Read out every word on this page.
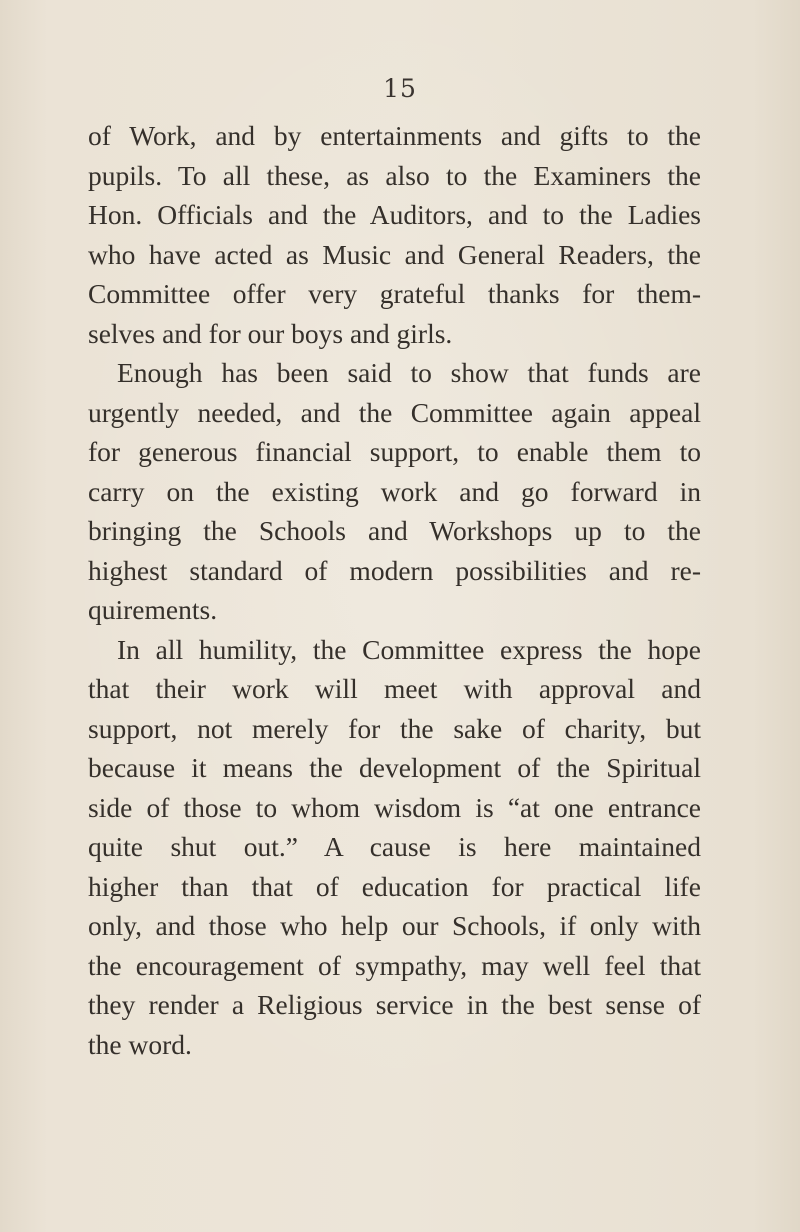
15
of Work, and by entertainments and gifts to the
pupils. To all these, as also to the Examiners the
Hon. Officials and the Auditors, and to the Ladies
who have acted as Music and General Readers, the
Committee offer very grateful thanks for them-
selves and for our boys and girls.
Enough has been said to show that funds are
urgently needed, and the Committee again appeal
for generous financial support, to enable them to
carry on the existing work and go forward in
bringing the Schools and Workshops up to the
highest standard of modern possibilities and re-
quirements.
In all humility, the Committee express the hope
that their work will meet with approval and
support, not merely for the sake of charity, but
because it means the development of the Spiritual
side of those to whom wisdom is “at one entrance
quite shut out.” A cause is here maintained
higher than that of education for practical life
only, and those who help our Schools, if only with
the encouragement of sympathy, may well feel that
they render a Religious service in the best sense of
the word.
